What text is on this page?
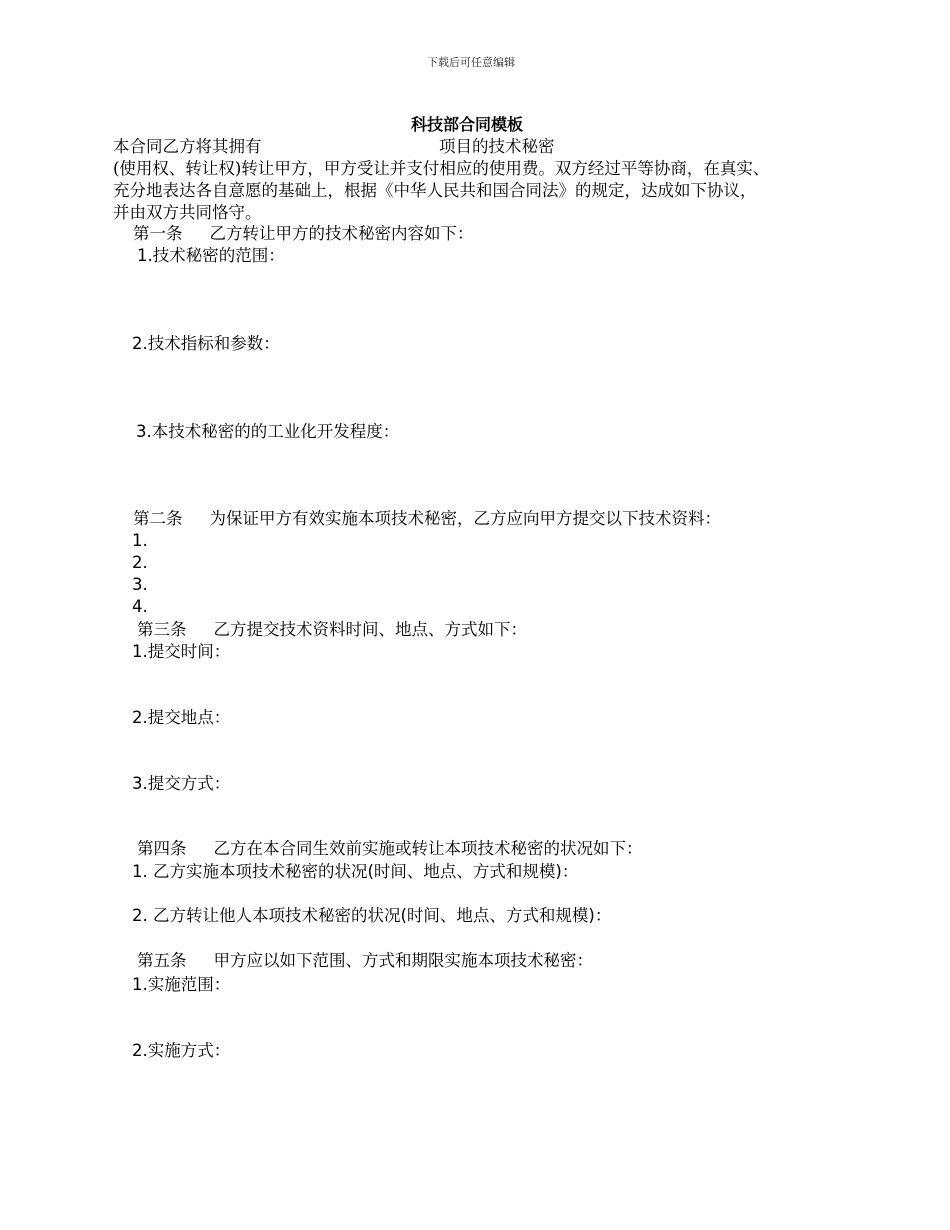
下载后可任意编辑
科技部合同模板
本合同乙方将其拥有	项目的技术秘密
(使用权、转让权)转让甲方，甲方受让并支付相应的使用费。双方经过平等协商，在真实、
充分地表达各自意愿的基础上，根据《中华人民共和国合同法》的规定，达成如下协议，
并由双方共同恪守。
第一条　  乙方转让甲方的技术秘密内容如下：
1.技术秘密的范围：
2.技术指标和参数：
3.本技术秘密的的工业化开发程度：
第二条　  为保证甲方有效实施本项技术秘密，乙方应向甲方提交以下技术资料：
1.
2.
3.
4.
第三条　  乙方提交技术资料时间、地点、方式如下：
1.提交时间：
2.提交地点：
3.提交方式：
第四条　  乙方在本合同生效前实施或转让本项技术秘密的状况如下：
1. 乙方实施本项技术秘密的状况(时间、地点、方式和规模)：
2. 乙方转让他人本项技术秘密的状况(时间、地点、方式和规模)：
第五条　  甲方应以如下范围、方式和期限实施本项技术秘密：
1.实施范围：
2.实施方式：
